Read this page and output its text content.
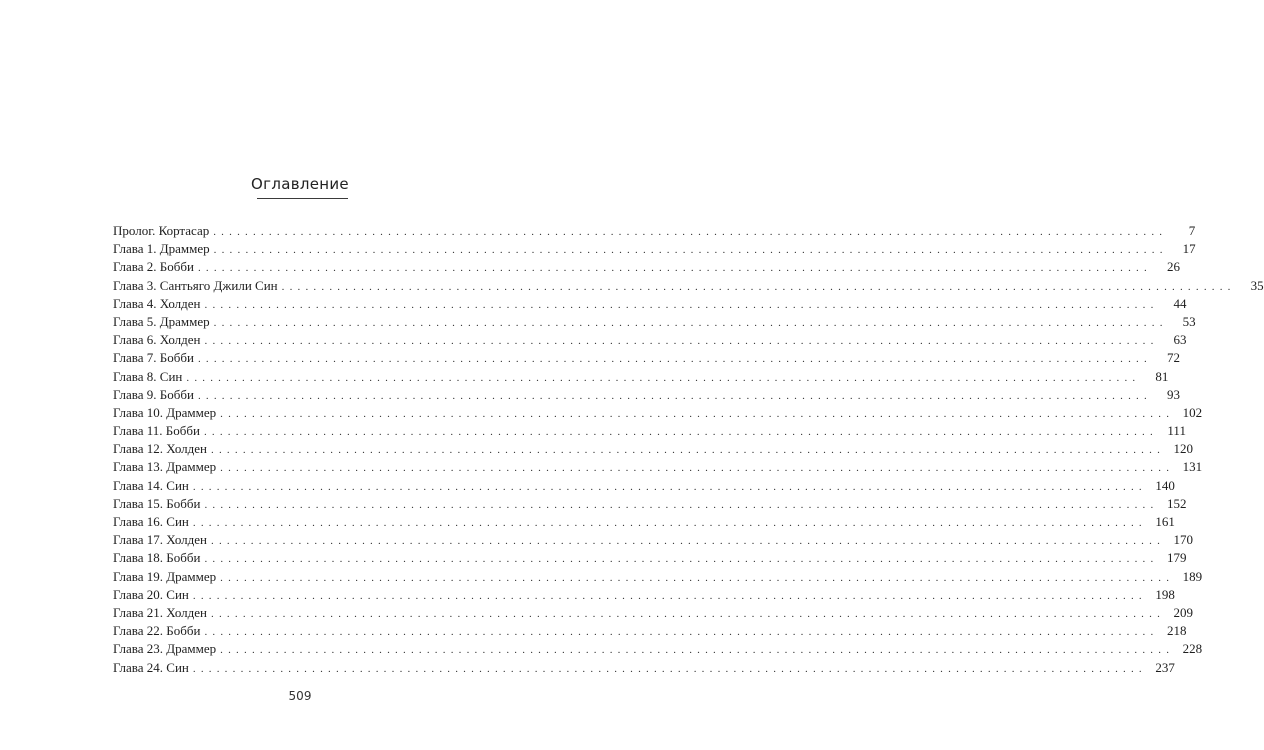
Оглавление
Пролог. Кортасар ........................................................................................................................	7
Глава 1. Драммер ........................................................................................................................	17
Глава 2. Бобби ........................................................................................................................	26
Глава 3. Сантьяго Джили Син ........................................................................................................................	35
Глава 4. Холден ........................................................................................................................	44
Глава 5. Драммер ........................................................................................................................	53
Глава 6. Холден ........................................................................................................................	63
Глава 7. Бобби ........................................................................................................................	72
Глава 8. Син ........................................................................................................................	81
Глава 9. Бобби ........................................................................................................................	93
Глава 10. Драммер ........................................................................................................................ 102
Глава 11. Бобби ........................................................................................................................ 111
Глава 12. Холден ........................................................................................................................ 120
Глава 13. Драммер ........................................................................................................................ 131
Глава 14. Син ........................................................................................................................ 140
Глава 15. Бобби ........................................................................................................................ 152
Глава 16. Син ........................................................................................................................ 161
Глава 17. Холден ........................................................................................................................ 170
Глава 18. Бобби ........................................................................................................................ 179
Глава 19. Драммер ........................................................................................................................ 189
Глава 20. Син ........................................................................................................................ 198
Глава 21. Холден ........................................................................................................................ 209
Глава 22. Бобби ........................................................................................................................ 218
Глава 23. Драммер ........................................................................................................................ 228
Глава 24. Син ........................................................................................................................ 237
509
